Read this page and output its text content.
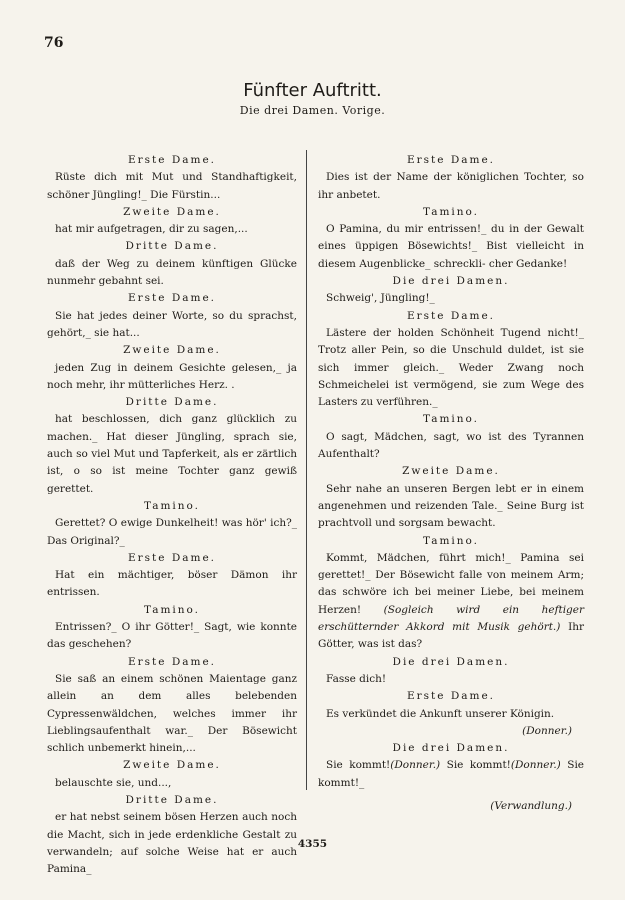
76
Fünfter Auftritt.
Die drei Damen. Vorige.

Erste Dame.

Rüste dich mit Mut und Standhaftigkeit, schöner Jüngling!_ Die Fürstin...

Zweite Dame.

hat mir aufgetragen, dir zu sagen,...

Dritte Dame.

daß der Weg zu deinem künftigen Glücke nunmehr gebahnt sei.

Erste Dame.

Sie hat jedes deiner Worte, so du sprachst, gehört,_ sie hat...

Zweite Dame.

jeden Zug in deinem Gesichte gelesen,_ ja noch mehr, ihr mütterliches Herz. .

Dritte Dame.

hat beschlossen, dich ganz glücklich zu machen._ Hat dieser Jüngling, sprach sie, auch so viel Mut und Tapferkeit, als er zärtlich ist, o so ist meine Tochter ganz gewiß gerettet.

Tamino.

Gerettet? O ewige Dunkelheit! was hör' ich?_ Das Original?_

Erste Dame.

Hat ein mächtiger, böser Dämon ihr entrissen.

Tamino.

Entrissen?_ O ihr Götter!_ Sagt, wie konnte das geschehen?

Erste Dame.

Sie saß an einem schönen Maientage ganz allein an dem alles belebenden Cypressenwäldchen, welches immer ihr Lieblingsaufenthalt war._ Der Bösewicht schlich unbemerkt hinein,...

Zweite Dame.

belauschte sie, und...,

Dritte Dame.

er hat nebst seinem bösen Herzen auch noch die Macht, sich in jede erdenkliche Gestalt zu verwandeln; auf solche Weise hat er auch Pamina_

Erste Dame.

Dies ist der Name der königlichen Tochter, so ihr anbetet.

Tamino.

O Pamina, du mir entrissen!_ du in der Gewalt eines üppigen Bösewichts!_ Bist vielleicht in diesem Augenblicke_ schreckli- cher Gedanke!

Die drei Damen.

Schweig', Jüngling!_

Erste Dame.

Lästere der holden Schönheit Tugend nicht!_ Trotz aller Pein, so die Unschuld duldet, ist sie sich immer gleich._ Weder Zwang noch Schmeichelei ist vermögend, sie zum Wege des Lasters zu verführen._

Tamino.

O sagt, Mädchen, sagt, wo ist des Tyrannen Aufenthalt?

Zweite Dame.

Sehr nahe an unseren Bergen lebt er in einem angenehmen und reizenden Tale._ Seine Burg ist prachtvoll und sorgsam bewacht.

Tamino.

Kommt, Mädchen, führt mich!_ Pamina sei gerettet!_ Der Bösewicht falle von meinem Arm; das schwöre ich bei meiner Liebe, bei meinem Herzen! (Sogleich wird ein heftiger erschütternder Akkord mit Musik gehört.) Ihr Götter, was ist das?

Die drei Damen.

Fasse dich!

Erste Dame.

Es verkündet die Ankunft unserer Königin.

(Donner.)

Die drei Damen.

Sie kommt!(Donner.) Sie kommt!(Donner.) Sie kommt!_

(Verwandlung.)

4355
